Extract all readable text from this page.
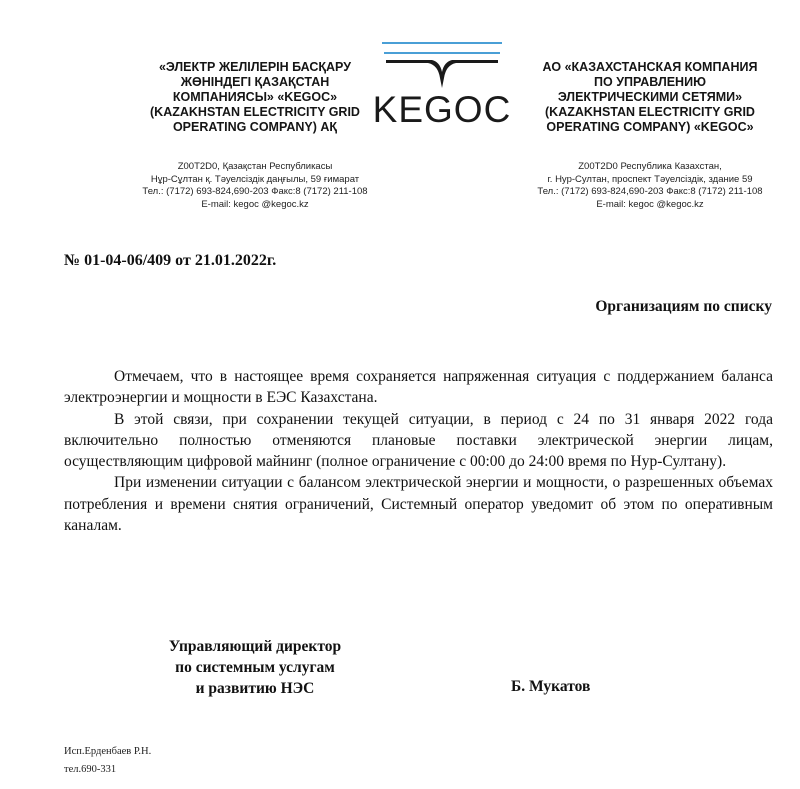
«ЭЛЕКТР ЖЕЛІЛЕРІН БАСҚАРУ
ЖӨНІНДЕГІ ҚАЗАҚСТАН
КОМПАНИЯСЫ» «KEGOC»
(KAZAKHSTAN ELECTRICITY GRID
OPERATING COMPANY) АҚ KEGOC
АО «КАЗАХСТАНСКАЯ КОМПАНИЯ
ПО УПРАВЛЕНИЮ
ЭЛЕКТРИЧЕСКИМИ СЕТЯМИ»
(KAZAKHSTAN ELECTRICITY GRID
OPERATING COMPANY) «KEGOC»
Z00T2D0, Қазақстан Республикасы
Нұр-Сұлтан қ. Тәуелсіздік даңғылы, 59 ғимарат
Тел.: (7172) 693-824,690-203 Факс:8 (7172) 211-108
E-mail: kegoc @kegoc.kz
Z00T2D0 Республика Казахстан,
г. Нур-Султан, проспект Тәуелсіздік, здание 59
Тел.: (7172) 693-824,690-203 Факс:8 (7172) 211-108
E-mail: kegoc @kegoc.kz
№ 01-04-06/409 от 21.01.2022г.
Организациям по списку

Отмечаем, что в настоящее время сохраняется напряженная ситуация с поддержанием баланса электроэнергии и мощности в ЕЭС Казахстана.

В этой связи, при сохранении текущей ситуации, в период с 24 по 31 января 2022 года включительно полностью отменяются плановые поставки электрической энергии лицам, осуществляющим цифровой майнинг (полное ограничение с 00:00 до 24:00 время по Нур-Султану).

При изменении ситуации с балансом электрической энергии и мощности, о разрешенных объемах потребления и времени снятия ограничений, Системный оператор уведомит об этом по оперативным каналам.

Управляющий директор
по системным услугам
и развитию НЭС	Б. Мукатов
Исп.Ерденбаев Р.Н.
тел.690-331
